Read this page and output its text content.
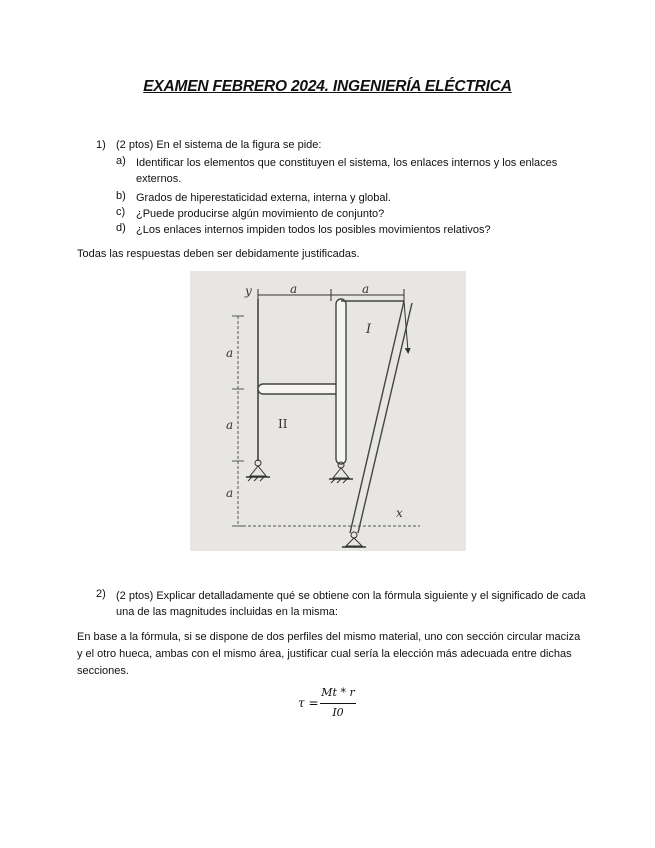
EXAMEN FEBRERO 2024. INGENIERÍA ELÉCTRICA
1) (2 ptos) En el sistema de la figura se pide:
a) Identificar los elementos que constituyen el sistema, los enlaces internos y los enlaces externos.
b) Grados de hiperestaticidad externa, interna y global.
c) ¿Puede producirse algún movimiento de conjunto?
d) ¿Los enlaces internos impiden todos los posibles movimientos relativos?
Todas las respuestas deben ser debidamente justificadas.
a	a
y
a
a
a
I
II
x
2) (2 ptos) Explicar detalladamente qué se obtiene con la fórmula siguiente y el significado de cada una de las magnitudes incluidas en la misma:
En base a la fórmula, si se dispone de dos perfiles del mismo material, uno con sección circular maciza y el otro hueca, ambas con el mismo área, justificar cual sería la elección más adecuada entre dichas secciones.
τ =
Mt * r
I0
